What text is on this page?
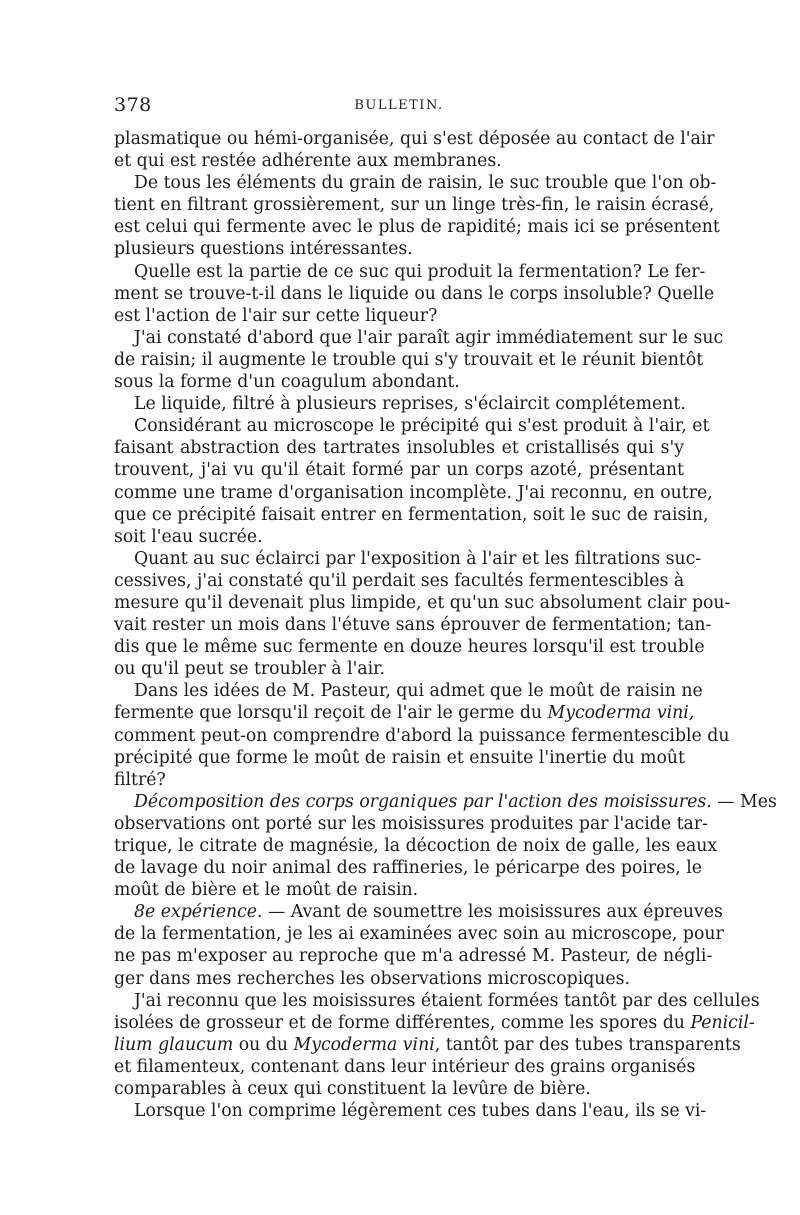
378	BULLETIN.
plasmatique ou hémi-organisée, qui s'est déposée au contact de l'air
et qui est restée adhérente aux membranes.
De tous les éléments du grain de raisin, le suc trouble que l'on ob-
tient en filtrant grossièrement, sur un linge très-fin, le raisin écrasé,
est celui qui fermente avec le plus de rapidité; mais ici se présentent
plusieurs questions intéressantes.
Quelle est la partie de ce suc qui produit la fermentation? Le fer-
ment se trouve-t-il dans le liquide ou dans le corps insoluble? Quelle
est l'action de l'air sur cette liqueur?
J'ai constaté d'abord que l'air paraît agir immédiatement sur le suc
de raisin; il augmente le trouble qui s'y trouvait et le réunit bientôt
sous la forme d'un coagulum abondant.
Le liquide, filtré à plusieurs reprises, s'éclaircit complétement.
Considérant au microscope le précipité qui s'est produit à l'air, et
faisant abstraction des tartrates insolubles et cristallisés qui s'y
trouvent, j'ai vu qu'il était formé par un corps azoté, présentant
comme une trame d'organisation incomplète. J'ai reconnu, en outre,
que ce précipité faisait entrer en fermentation, soit le suc de raisin,
soit l'eau sucrée.
Quant au suc éclairci par l'exposition à l'air et les filtrations suc-
cessives, j'ai constaté qu'il perdait ses facultés fermentescibles à
mesure qu'il devenait plus limpide, et qu'un suc absolument clair pou-
vait rester un mois dans l'étuve sans éprouver de fermentation; tan-
dis que le même suc fermente en douze heures lorsqu'il est trouble
ou qu'il peut se troubler à l'air.
Dans les idées de M. Pasteur, qui admet que le moût de raisin ne
fermente que lorsqu'il reçoit de l'air le germe du Mycoderma vini,
comment peut-on comprendre d'abord la puissance fermentescible du
précipité que forme le moût de raisin et ensuite l'inertie du moût
filtré?
Décomposition des corps organiques par l'action des moisissures. — Mes
observations ont porté sur les moisissures produites par l'acide tar-
trique, le citrate de magnésie, la décoction de noix de galle, les eaux
de lavage du noir animal des raffineries, le péricarpe des poires, le
moût de bière et le moût de raisin.
8e expérience. — Avant de soumettre les moisissures aux épreuves
de la fermentation, je les ai examinées avec soin au microscope, pour
ne pas m'exposer au reproche que m'a adressé M. Pasteur, de négli-
ger dans mes recherches les observations microscopiques.
J'ai reconnu que les moisissures étaient formées tantôt par des cellules
isolées de grosseur et de forme différentes, comme les spores du Penicil-
lium glaucum ou du Mycoderma vini, tantôt par des tubes transparents
et filamenteux, contenant dans leur intérieur des grains organisés
comparables à ceux qui constituent la levûre de bière.
Lorsque l'on comprime légèrement ces tubes dans l'eau, ils se vi-
